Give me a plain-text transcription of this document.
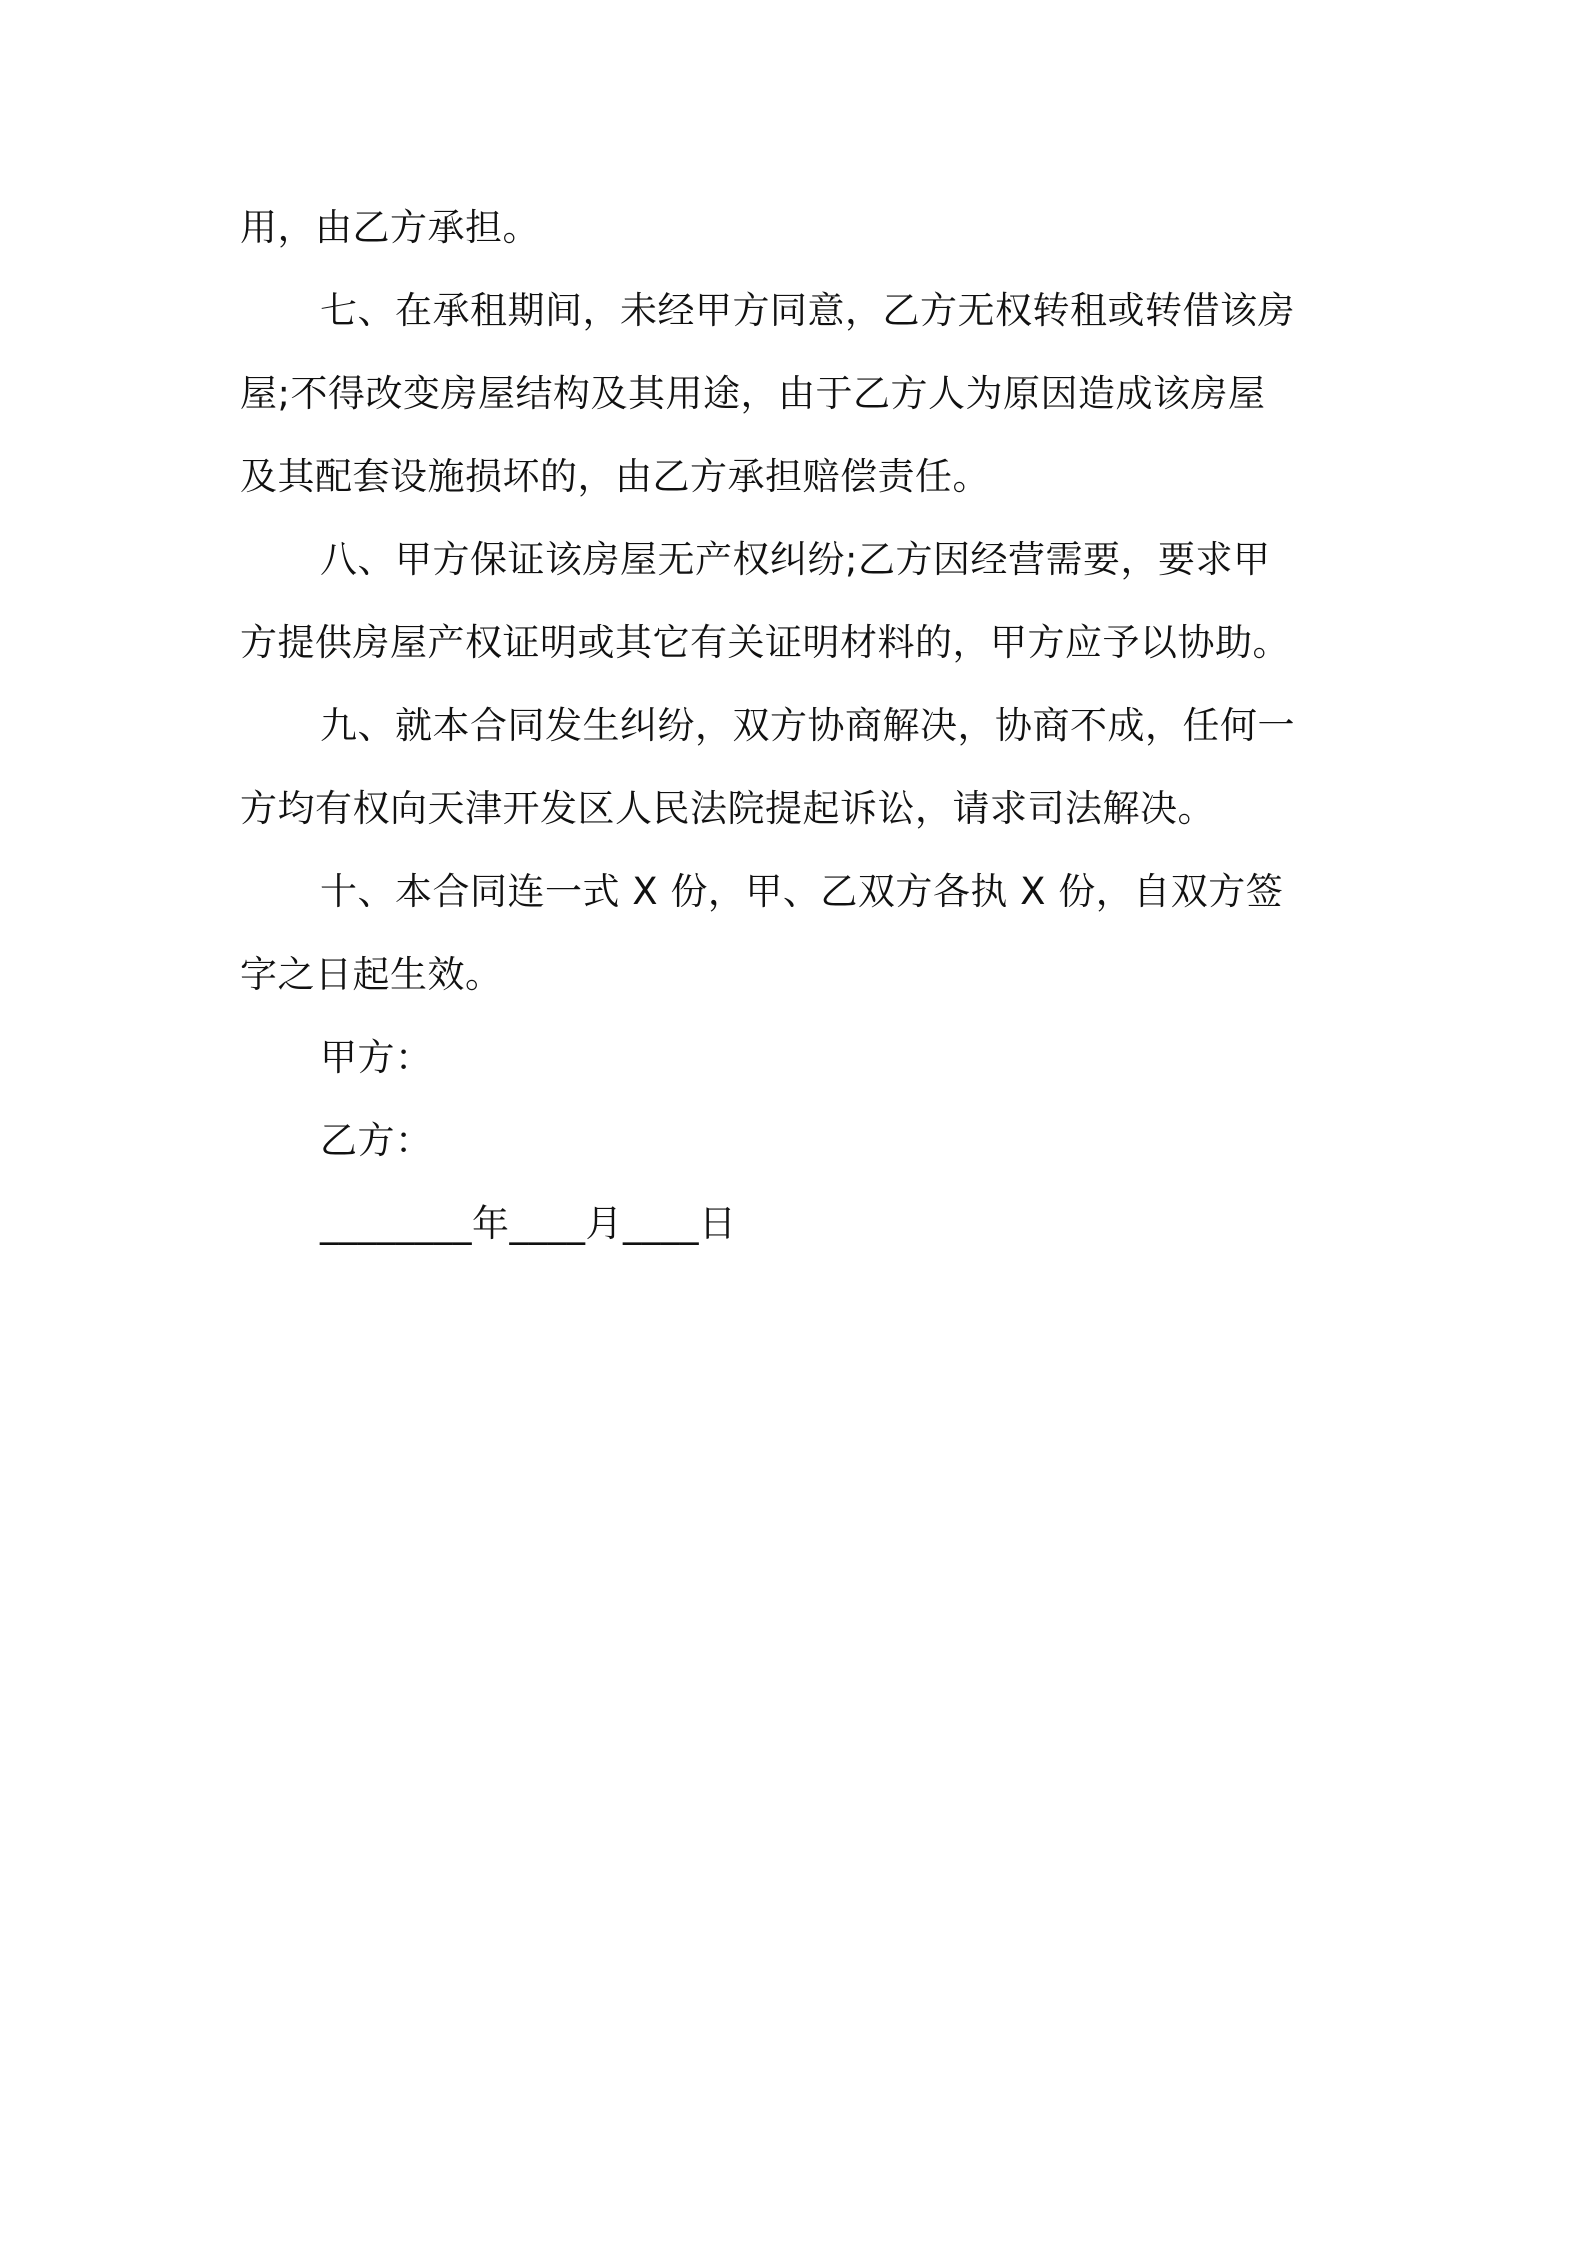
用，由乙方承担。
七、在承租期间，未经甲方同意，乙方无权转租或转借该房
屋;不得改变房屋结构及其用途，由于乙方人为原因造成该房屋
及其配套设施损坏的，由乙方承担赔偿责任。
八、甲方保证该房屋无产权纠纷;乙方因经营需要，要求甲
方提供房屋产权证明或其它有关证明材料的，甲方应予以协助。
九、就本合同发生纠纷，双方协商解决，协商不成，任何一
方均有权向天津开发区人民法院提起诉讼，请求司法解决。
十、本合同连一式 X 份，甲、乙双方各执 X 份，自双方签
字之日起生效。
甲方：
乙方：
________年____月____日
